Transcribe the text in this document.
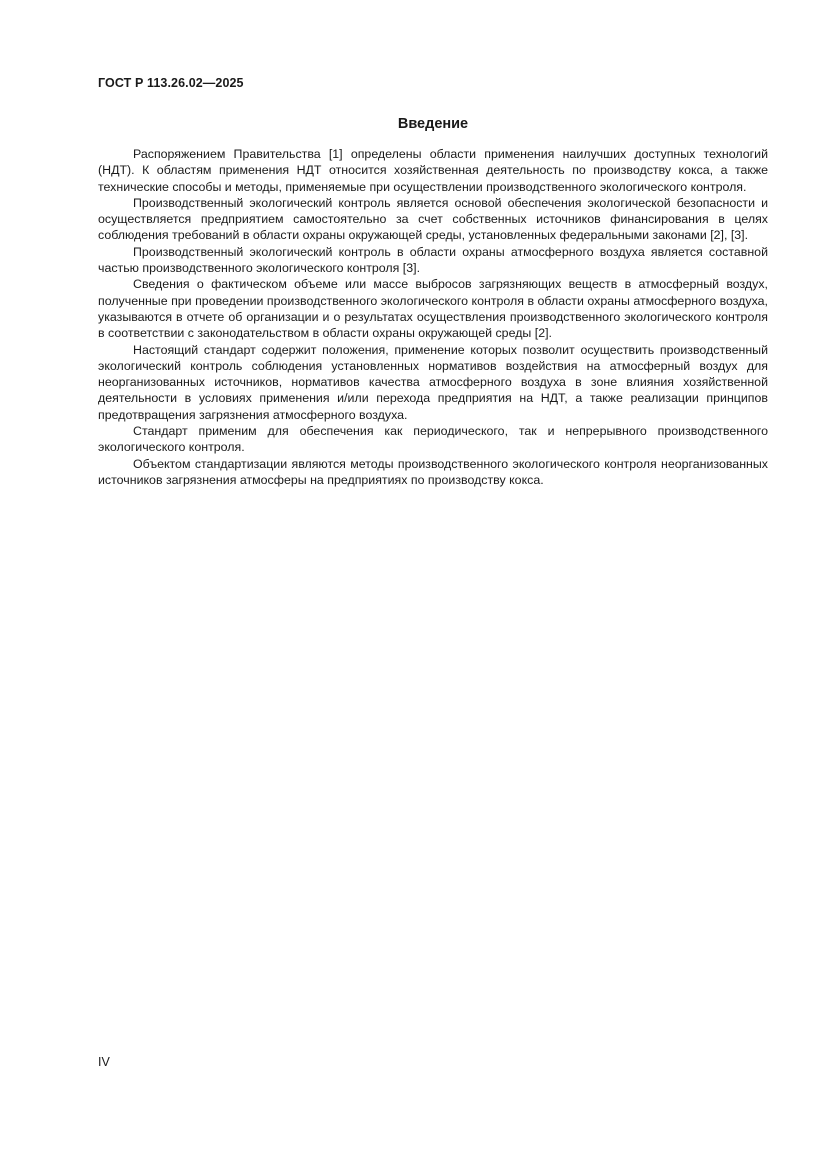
ГОСТ Р 113.26.02—2025
Введение

Распоряжением Правительства [1] определены области применения наилучших доступных технологий (НДТ). К областям применения НДТ относится хозяйственная деятельность по производству кокса, а также технические способы и методы, применяемые при осуществлении производственного экологического контроля.

Производственный экологический контроль является основой обеспечения экологической безопасности и осуществляется предприятием самостоятельно за счет собственных источников финансирования в целях соблюдения требований в области охраны окружающей среды, установленных федеральными законами [2], [3].

Производственный экологический контроль в области охраны атмосферного воздуха является составной частью производственного экологического контроля [3].

Сведения о фактическом объеме или массе выбросов загрязняющих веществ в атмосферный воздух, полученные при проведении производственного экологического контроля в области охраны атмосферного воздуха, указываются в отчете об организации и о результатах осуществления производственного экологического контроля в соответствии с законодательством в области охраны окружающей среды [2].

Настоящий стандарт содержит положения, применение которых позволит осуществить производственный экологический контроль соблюдения установленных нормативов воздействия на атмосферный воздух для неорганизованных источников, нормативов качества атмосферного воздуха в зоне влияния хозяйственной деятельности в условиях применения и/или перехода предприятия на НДТ, а также реализации принципов предотвращения загрязнения атмосферного воздуха.

Стандарт применим для обеспечения как периодического, так и непрерывного производственного экологического контроля.

Объектом стандартизации являются методы производственного экологического контроля неорганизованных источников загрязнения атмосферы на предприятиях по производству кокса.

IV
